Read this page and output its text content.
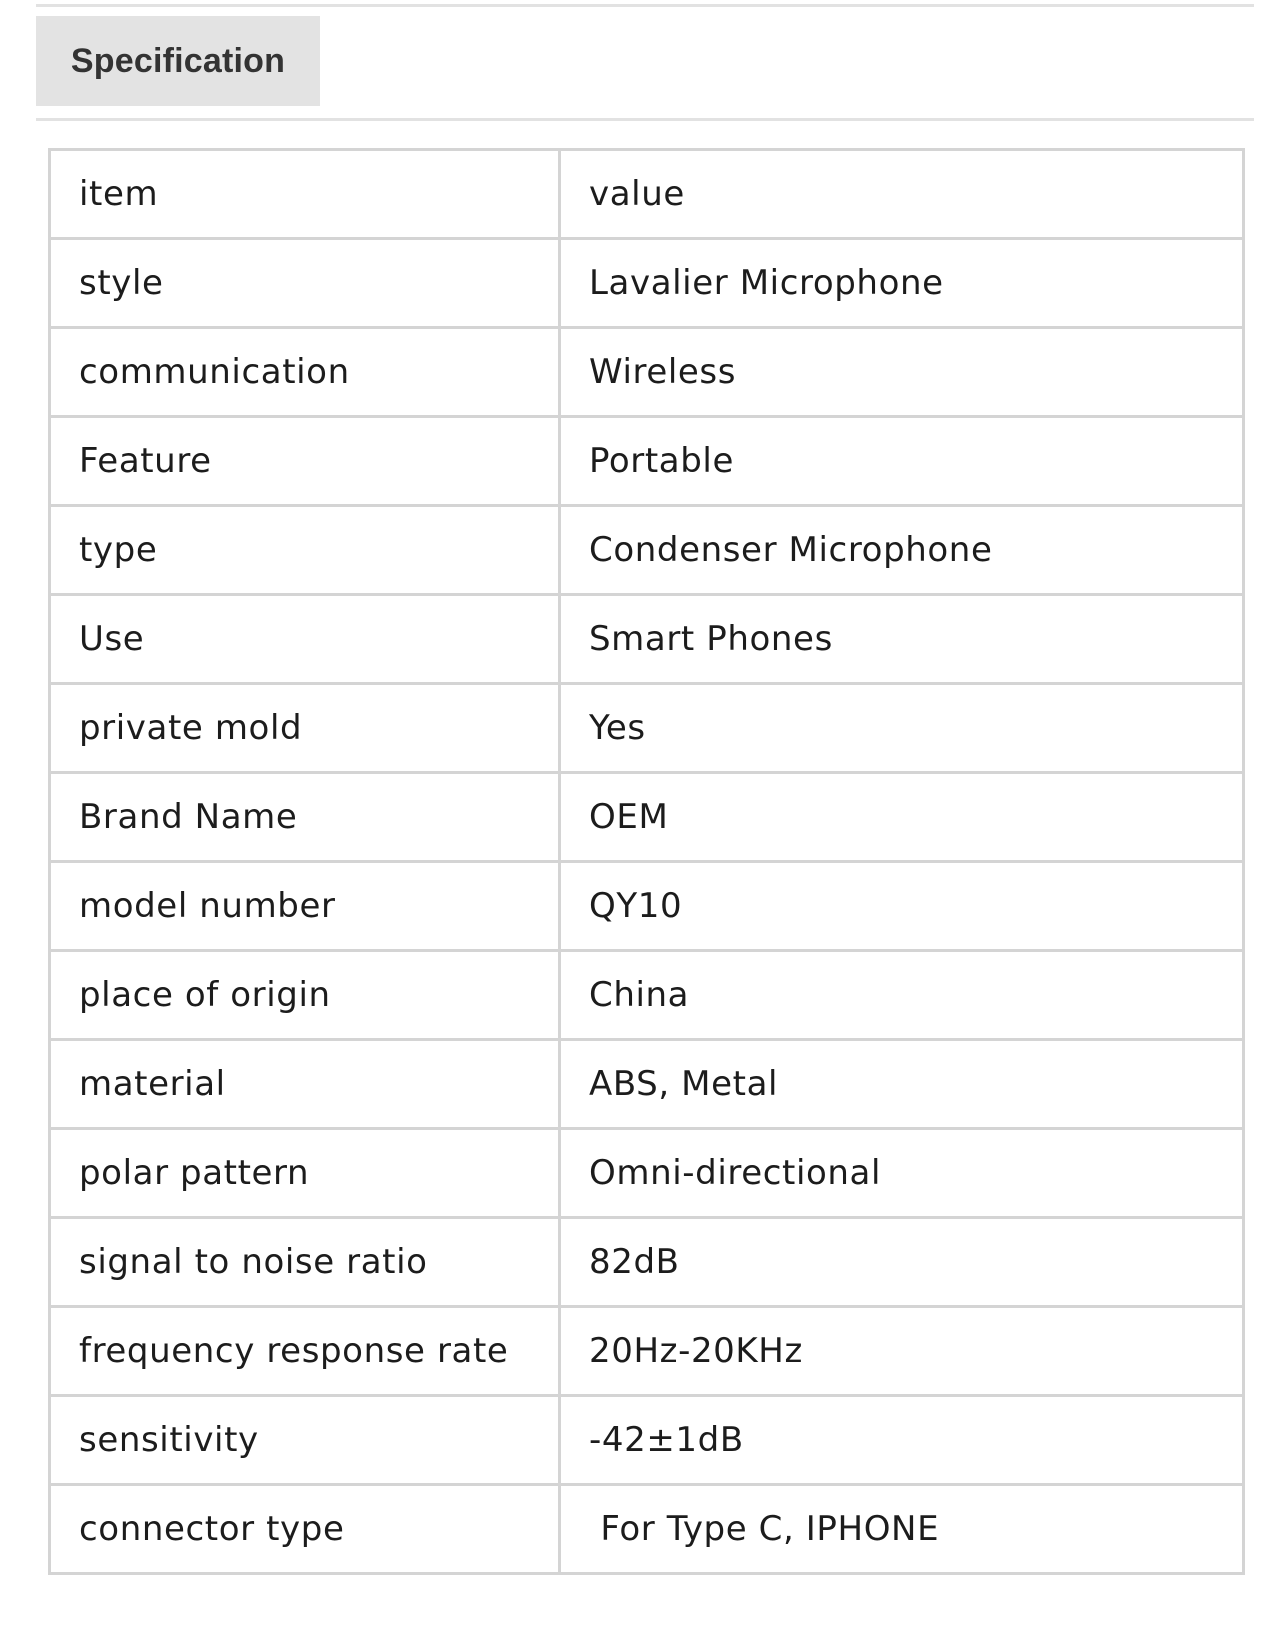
Specification
item	value
style	Lavalier Microphone
communication	Wireless
Feature	Portable
type	Condenser Microphone
Use	Smart Phones
private mold	Yes
Brand Name	OEM
model number	QY10
place of origin	China
material	ABS, Metal
polar pattern	Omni-directional
signal to noise ratio	82dB
frequency response rate	20Hz-20KHz
sensitivity	-42±1dB
connector type	For Type C, IPHONE
